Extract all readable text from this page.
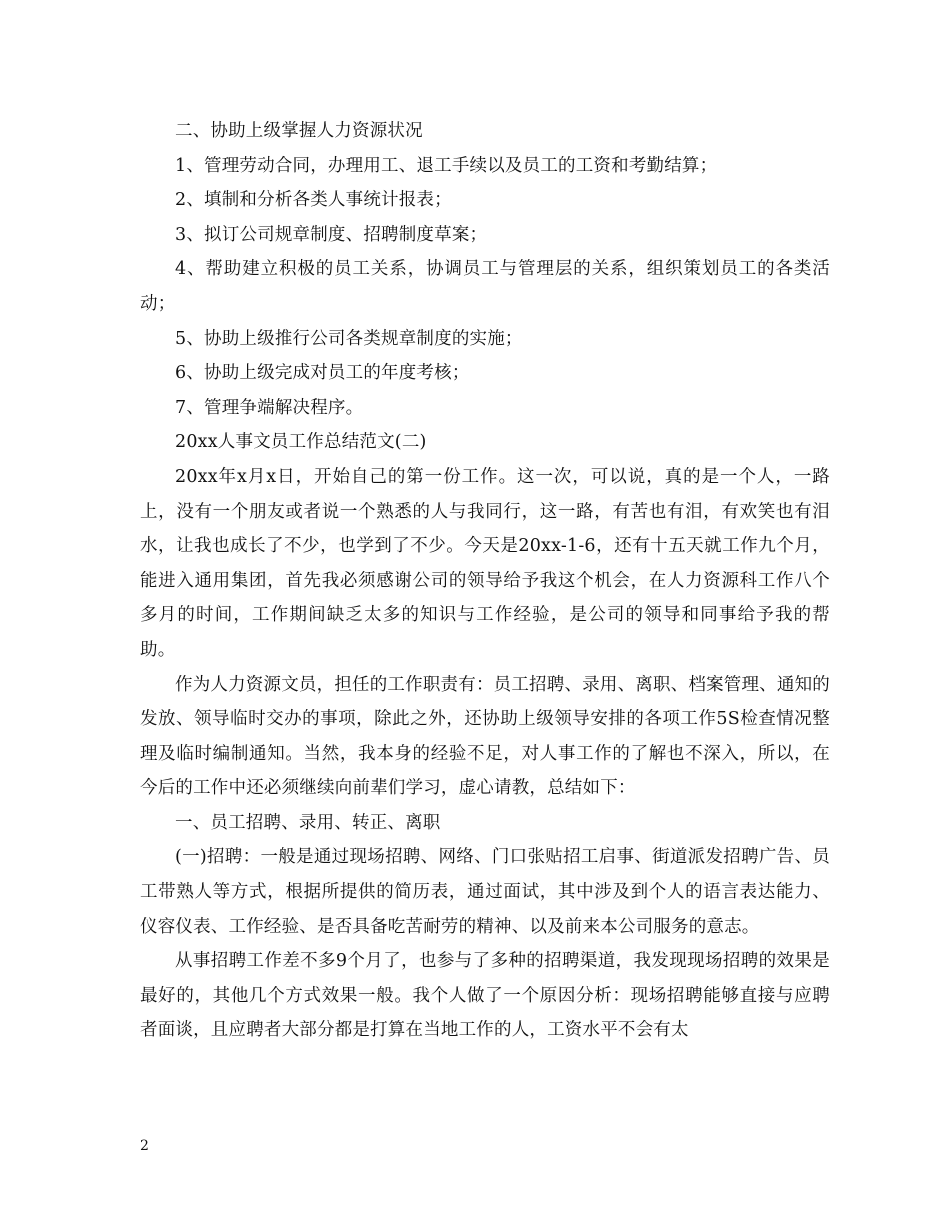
二、协助上级掌握人力资源状况

1、管理劳动合同，办理用工、退工手续以及员工的工资和考勤结算；

2、填制和分析各类人事统计报表；

3、拟订公司规章制度、招聘制度草案；

4、帮助建立积极的员工关系，协调员工与管理层的关系，组织策划员工的各类活动；

5、协助上级推行公司各类规章制度的实施；

6、协助上级完成对员工的年度考核；

7、管理争端解决程序。

20xx人事文员工作总结范文(二)

20xx年x月x日，开始自己的第一份工作。这一次，可以说，真的是一个人，一路上，没有一个朋友或者说一个熟悉的人与我同行，这一路，有苦也有泪，有欢笑也有泪水，让我也成长了不少，也学到了不少。今天是20xx-1-6，还有十五天就工作九个月，能进入通用集团，首先我必须感谢公司的领导给予我这个机会，在人力资源科工作八个多月的时间，工作期间缺乏太多的知识与工作经验，是公司的领导和同事给予我的帮助。

作为人力资源文员，担任的工作职责有：员工招聘、录用、离职、档案管理、通知的发放、领导临时交办的事项，除此之外，还协助上级领导安排的各项工作5S检查情况整理及临时编制通知。当然，我本身的经验不足，对人事工作的了解也不深入，所以，在今后的工作中还必须继续向前辈们学习，虚心请教，总结如下：

一、员工招聘、录用、转正、离职

(一)招聘：一般是通过现场招聘、网络、门口张贴招工启事、街道派发招聘广告、员工带熟人等方式，根据所提供的简历表，通过面试，其中涉及到个人的语言表达能力、仪容仪表、工作经验、是否具备吃苦耐劳的精神、以及前来本公司服务的意志。

从事招聘工作差不多9个月了，也参与了多种的招聘渠道，我发现现场招聘的效果是最好的，其他几个方式效果一般。我个人做了一个原因分析：现场招聘能够直接与应聘者面谈，且应聘者大部分都是打算在当地工作的人，工资水平不会有太

2
